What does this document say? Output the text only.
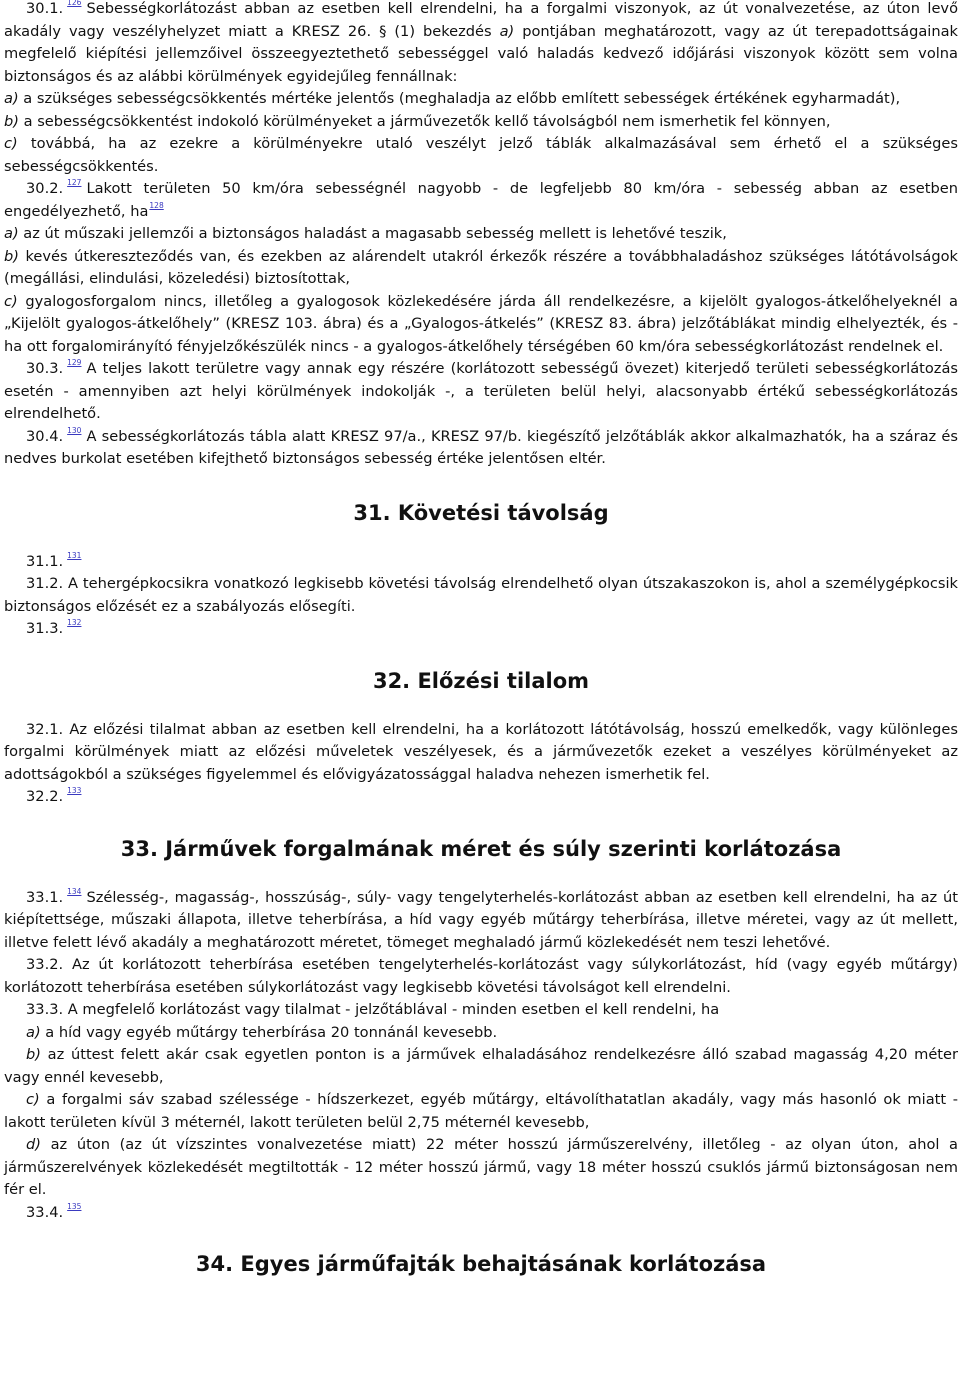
30.1. $^{126}$ Sebességkorlátozást abban az esetben kell elrendelni, ha a forgalmi viszonyok, az út vonalvezetése, az úton levő akadály vagy veszélyhelyzet miatt a KRESZ 26. § (1) bekezdés a) pontjában meghatározott, vagy az út terepadottságainak megfelelő kiépítési jellemzőivel összeegyeztethető sebességgel való haladás kedvező időjárási viszonyok között sem volna biztonságos és az alábbi körülmények egyidejűleg fennállnak:

a) a szükséges sebességcsökkentés mértéke jelentős (meghaladja az előbb említett sebességek értékének egyharmadát),

b) a sebességcsökkentést indokoló körülményeket a járművezetők kellő távolságból nem ismerhetik fel könnyen,

c) továbbá, ha az ezekre a körülményekre utaló veszélyt jelző táblák alkalmazásával sem érhető el a szükséges sebességcsökkentés.

30.2. $^{127}$ Lakott területen 50 km/óra sebességnél nagyobb - de legfeljebb 80 km/óra - sebesség abban az esetben engedélyezhető, ha$^{128}$

a) az út műszaki jellemzői a biztonságos haladást a magasabb sebesség mellett is lehetővé teszik,

b) kevés útkereszteződés van, és ezekben az alárendelt utakról érkezők részére a továbbhaladáshoz szükséges látótávolságok (megállási, elindulási, közeledési) biztosítottak,

c) gyalogosforgalom nincs, illetőleg a gyalogosok közlekedésére járda áll rendelkezésre, a kijelölt gyalogos-átkelőhelyeknél a „Kijelölt gyalogos-átkelőhely” (KRESZ 103. ábra) és a „Gyalogos-átkelés” (KRESZ 83. ábra) jelzőtáblákat mindig elhelyezték, és - ha ott forgalomirányító fényjelzőkészülék nincs - a gyalogos-átkelőhely térségében 60 km/óra sebességkorlátozást rendelnek el.

30.3. $^{129}$ A teljes lakott területre vagy annak egy részére (korlátozott sebességű övezet) kiterjedő területi sebességkorlátozás esetén - amennyiben azt helyi körülmények indokolják -, a területen belül helyi, alacsonyabb értékű sebességkorlátozás elrendelhető.

30.4. $^{130}$ A sebességkorlátozás tábla alatt KRESZ 97/a., KRESZ 97/b. kiegészítő jelzőtáblák akkor alkalmazhatók, ha a száraz és nedves burkolat esetében kifejthető biztonságos sebesség értéke jelentősen eltér.

31. Követési távolság

31.1. $^{131}$

31.2. A tehergépkocsikra vonatkozó legkisebb követési távolság elrendelhető olyan útszakaszokon is, ahol a személygépkocsik biztonságos előzését ez a szabályozás elősegíti.

31.3. $^{132}$

32. Előzési tilalom

32.1. Az előzési tilalmat abban az esetben kell elrendelni, ha a korlátozott látótávolság, hosszú emelkedők, vagy különleges forgalmi körülmények miatt az előzési műveletek veszélyesek, és a járművezetők ezeket a veszélyes körülményeket az adottságokból a szükséges figyelemmel és elővigyázatossággal haladva nehezen ismerhetik fel.

32.2. $^{133}$

33. Járművek forgalmának méret és súly szerinti korlátozása

33.1. $^{134}$ Szélesség-, magasság-, hosszúság-, súly- vagy tengelyterhelés-korlátozást abban az esetben kell elrendelni, ha az út kiépítettsége, műszaki állapota, illetve teherbírása, a híd vagy egyéb műtárgy teherbírása, illetve méretei, vagy az út mellett, illetve felett lévő akadály a meghatározott méretet, tömeget meghaladó jármű közlekedését nem teszi lehetővé.

33.2. Az út korlátozott teherbírása esetében tengelyterhelés-korlátozást vagy súlykorlátozást, híd (vagy egyéb műtárgy) korlátozott teherbírása esetében súlykorlátozást vagy legkisebb követési távolságot kell elrendelni.

33.3. A megfelelő korlátozást vagy tilalmat - jelzőtáblával - minden esetben el kell rendelni, ha

a) a híd vagy egyéb műtárgy teherbírása 20 tonnánál kevesebb.

b) az úttest felett akár csak egyetlen ponton is a járművek elhaladásához rendelkezésre álló szabad magasság 4,20 méter vagy ennél kevesebb,

c) a forgalmi sáv szabad szélessége - hídszerkezet, egyéb műtárgy, eltávolíthatatlan akadály, vagy más hasonló ok miatt - lakott területen kívül 3 méternél, lakott területen belül 2,75 méternél kevesebb,

d) az úton (az út vízszintes vonalvezetése miatt) 22 méter hosszú járműszerelvény, illetőleg - az olyan úton, ahol a járműszerelvények közlekedését megtiltották - 12 méter hosszú jármű, vagy 18 méter hosszú csuklós jármű biztonságosan nem fér el.

33.4. $^{135}$

34. Egyes járműfajták behajtásának korlátozása
